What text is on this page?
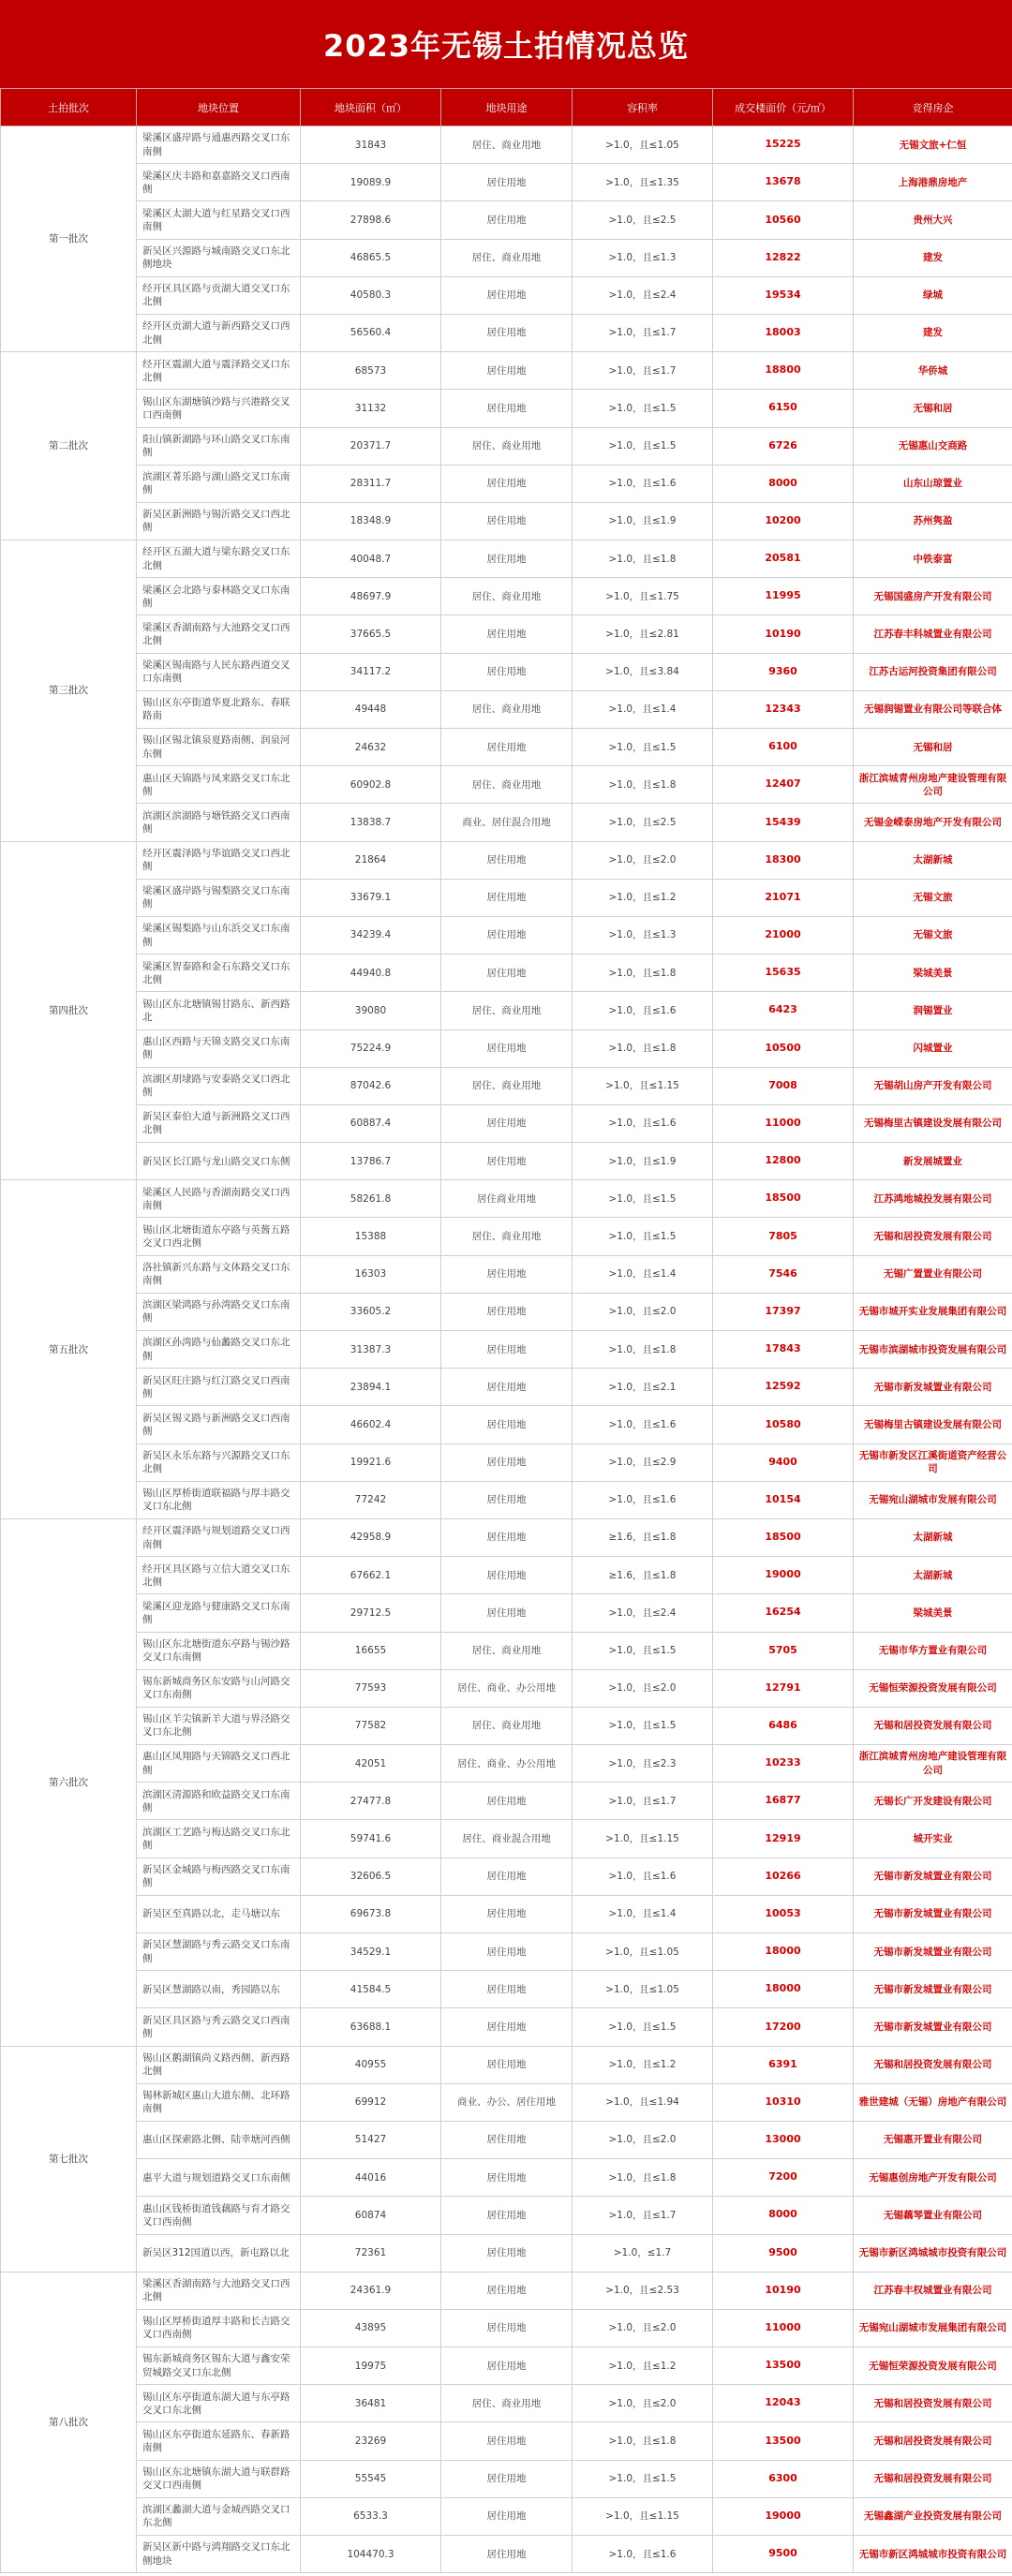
2023年无锡土拍情况总览
土拍批次	地块位置	地块面积（㎡）	地块用途	容积率	成交楼面价（元/㎡）	竞得房企
第一批次	梁溪区盛岸路与通惠西路交叉口东南侧	31843	居住、商业用地	>1.0，且≤1.05	15225	无锡文旅+仁恒
	梁溪区庆丰路和嘉嘉路交叉口西南侧	19089.9	居住用地	>1.0，且≤1.35	13678	上海港鼎房地产
	梁溪区太湖大道与红星路交叉口西南侧	27898.6	居住用地	>1.0，且≤2.5	10560	贵州大兴
	新吴区兴源路与城南路交叉口东北侧地块	46865.5	居住、商业用地	>1.0，且≤1.3	12822	建发
	经开区具区路与贡湖大道交叉口东北侧	40580.3	居住用地	>1.0，且≤2.4	19534	绿城
	经开区贡湖大道与新西路交叉口西北侧	56560.4	居住用地	>1.0，且≤1.7	18003	建发
第二批次	经开区震湖大道与震泽路交叉口东北侧	68573	居住用地	>1.0，且≤1.7	18800	华侨城
	锡山区东湖塘镇沙路与兴港路交叉口西南侧	31132	居住用地	>1.0，且≤1.5	6150	无锡和居
	阳山镇新湖路与环山路交叉口东南侧	20371.7	居住、商业用地	>1.0，且≤1.5	6726	无锡惠山交商路
	滨湖区菁乐路与湖山路交叉口东南侧	28311.7	居住用地	>1.0，且≤1.6	8000	山东山琼置业
	新吴区新洲路与锡沂路交叉口西北侧	18348.9	居住用地	>1.0，且≤1.9	10200	苏州隽盈
第三批次	经开区五湖大道与梁东路交叉口东北侧	40048.7	居住用地	>1.0，且≤1.8	20581	中铁泰富
	梁溪区会北路与泰林路交叉口东南侧	48697.9	居住、商业用地	>1.0，且≤1.75	11995	无锡国盛房产开发有限公司
	梁溪区香湖南路与大池路交叉口西北侧	37665.5	居住用地	>1.0，且≤2.81	10190	江苏春丰科城置业有限公司
	梁溪区锡南路与人民东路西道交叉口东南侧	34117.2	居住用地	>1.0，且≤3.84	9360	江苏古运河投资集团有限公司
	锡山区东亭街道华夏北路东、春联路南	49448	居住、商业用地	>1.0，且≤1.4	12343	无锡润锡置业有限公司等联合体
	锡山区锡北镇泉夏路南侧、润泉河东侧	24632	居住用地	>1.0，且≤1.5	6100	无锡和居
	惠山区天锦路与凤来路交叉口东北侧	60902.8	居住、商业用地	>1.0，且≤1.8	12407	浙江滨城青州房地产建设管理有限公司
	滨湖区滨湖路与塘铁路交叉口西南侧	13838.7	商业、居住混合用地	>1.0，且≤2.5	15439	无锡金嵘泰房地产开发有限公司
第四批次	经开区震泽路与华谊路交叉口西北侧	21864	居住用地	>1.0，且≤2.0	18300	太湖新城
	梁溪区盛岸路与锡梨路交叉口东南侧	33679.1	居住用地	>1.0，且≤1.2	21071	无锡文旅
	梁溪区锡梨路与山东浜交叉口东南侧	34239.4	居住用地	>1.0，且≤1.3	21000	无锡文旅
	梁溪区智泰路和金石东路交叉口东北侧	44940.8	居住用地	>1.0，且≤1.8	15635	梁城美景
	锡山区东北塘镇锡甘路东、新西路北	39080	居住、商业用地	>1.0，且≤1.6	6423	润锡置业
	惠山区西路与天锦支路交叉口东南侧	75224.9	居住用地	>1.0，且≤1.8	10500	闪城置业
	滨湖区胡埭路与安泰路交叉口西北侧	87042.6	居住、商业用地	>1.0，且≤1.15	7008	无锡胡山房产开发有限公司
	新吴区泰伯大道与新洲路交叉口西北侧	60887.4	居住用地	>1.0，且≤1.6	11000	无锡梅里古镇建设发展有限公司
	新吴区长江路与龙山路交叉口东侧	13786.7	居住用地	>1.0，且≤1.9	12800	新发展城置业
第五批次	梁溪区人民路与香湖南路交叉口西南侧	58261.8	居住商业用地	>1.0，且≤1.5	18500	江苏鸿地城投发展有限公司
	锡山区北塘街道东亭路与英酱五路交叉口西北侧	15388	居住、商业用地	>1.0，且≤1.5	7805	无锡和居投资发展有限公司
	洛社镇新兴东路与文体路交叉口东南侧	16303	居住用地	>1.0，且≤1.4	7546	无锡广置置业有限公司
	滨湖区梁鸿路与孙湾路交叉口东南侧	33605.2	居住用地	>1.0，且≤2.0	17397	无锡市城开实业发展集团有限公司
	滨湖区孙湾路与仙蠡路交叉口东北侧	31387.3	居住用地	>1.0，且≤1.8	17843	无锡市滨湖城市投资发展有限公司
	新吴区旺庄路与红江路交叉口西南侧	23894.1	居住用地	>1.0，且≤2.1	12592	无锡市新发城置业有限公司
	新吴区锡义路与新洲路交叉口西南侧	46602.4	居住用地	>1.0，且≤1.6	10580	无锡梅里古镇建设发展有限公司
	新吴区永乐东路与兴源路交叉口东北侧	19921.6	居住用地	>1.0，且≤2.9	9400	无锡市新发区江溪街道资产经营公司
	锡山区厚桥街道联福路与厚丰路交叉口东北侧	77242	居住用地	>1.0，且≤1.6	10154	无锡宛山湖城市发展有限公司
第六批次	经开区震泽路与规划道路交叉口西南侧	42958.9	居住用地	≥1.6，且≤1.8	18500	太湖新城
	经开区具区路与立信大道交叉口东北侧	67662.1	居住用地	≥1.6，且≤1.8	19000	太湖新城
	梁溪区迎龙路与健康路交叉口东南侧	29712.5	居住用地	>1.0，且≤2.4	16254	梁城美景
	锡山区东北塘街道东亭路与锡沙路交叉口东南侧	16655	居住、商业用地	>1.0，且≤1.5	5705	无锡市华方置业有限公司
	锡东新城商务区东安路与山河路交叉口东南侧	77593	居住、商业、办公用地	>1.0，且≤2.0	12791	无锡恒荣源投资发展有限公司
	锡山区羊尖镇新羊大道与界泾路交叉口东北侧	77582	居住、商业用地	>1.0，且≤1.5	6486	无锡和居投资发展有限公司
	惠山区凤翔路与天锦路交叉口西北侧	42051	居住、商业、办公用地	>1.0，且≤2.3	10233	浙江滨城青州房地产建设管理有限公司
	滨湖区清源路和欧益路交叉口东南侧	27477.8	居住用地	>1.0，且≤1.7	16877	无锡长广开发建设有限公司
	滨湖区工艺路与梅达路交叉口东北侧	59741.6	居住、商业混合用地	>1.0，且≤1.15	12919	城开实业
	新吴区金城路与梅西路交叉口东南侧	32606.5	居住用地	>1.0，且≤1.6	10266	无锡市新发城置业有限公司
	新吴区至真路以北，走马塘以东	69673.8	居住用地	>1.0，且≤1.4	10053	无锡市新发城置业有限公司
	新吴区慧湖路与秀云路交叉口东南侧	34529.1	居住用地	>1.0，且≤1.05	18000	无锡市新发城置业有限公司
	新吴区慧湖路以南，秀园路以东	41584.5	居住用地	>1.0，且≤1.05	18000	无锡市新发城置业有限公司
	新吴区具区路与秀云路交叉口西南侧	63688.1	居住用地	>1.0，且≤1.5	17200	无锡市新发城置业有限公司
第七批次	锡山区鹅湖镇尚义路西侧、新西路北侧	40955	居住用地	>1.0，且≤1.2	6391	无锡和居投资发展有限公司
	锡林新城区惠山大道东侧、北环路南侧	69912	商业、办公、居住用地	>1.0，且≤1.94	10310	雅世建城（无锡）房地产有限公司
	惠山区探索路北侧、陆幸塘河西侧	51427	居住用地	>1.0，且≤2.0	13000	无锡惠开置业有限公司
	惠平大道与规划道路交叉口东南侧	44016	居住用地	>1.0，且≤1.8	7200	无锡惠创房地产开发有限公司
	惠山区钱桥街道钱藕路与育才路交叉口西南侧	60874	居住用地	>1.0，且≤1.7	8000	无锡藕琴置业有限公司
	新吴区312国道以西，新屯路以北	72361	居住用地	>1.0，≤1.7	9500	无锡市新区鸿城城市投资有限公司
第八批次	梁溪区香湖南路与大池路交叉口西北侧	24361.9	居住用地	>1.0，且≤2.53	10190	江苏春丰权城置业有限公司
	锡山区厚桥街道厚丰路和长吉路交叉口西南侧	43895	居住用地	>1.0，且≤2.0	11000	无锡宛山湖城市发展集团有限公司
	锡东新城商务区锡东大道与鑫安荣贸城路交叉口东北侧	19975	居住用地	>1.0，且≤1.2	13500	无锡恒荣源投资发展有限公司
	锡山区东亭街道东湖大道与东亭路交叉口东北侧	36481	居住、商业用地	>1.0，且≤2.0	12043	无锡和居投资发展有限公司
	锡山区东亭街道东延路东、春新路南侧	23269	居住用地	>1.0，且≤1.8	13500	无锡和居投资发展有限公司
	锡山区东北塘镇东湖大道与联群路交叉口西南侧	55545	居住用地	>1.0，且≤1.5	6300	无锡和居投资发展有限公司
	滨湖区蠡湖大道与金城西路交叉口东北侧	6533.3	居住用地	>1.0，且≤1.15	19000	无锡鑫湖产业投资发展有限公司
	新吴区新中路与鸿翔路交叉口东北侧地块	104470.3	居住用地	>1.0，且≤1.6	9500	无锡市新区鸿城城市投资有限公司
